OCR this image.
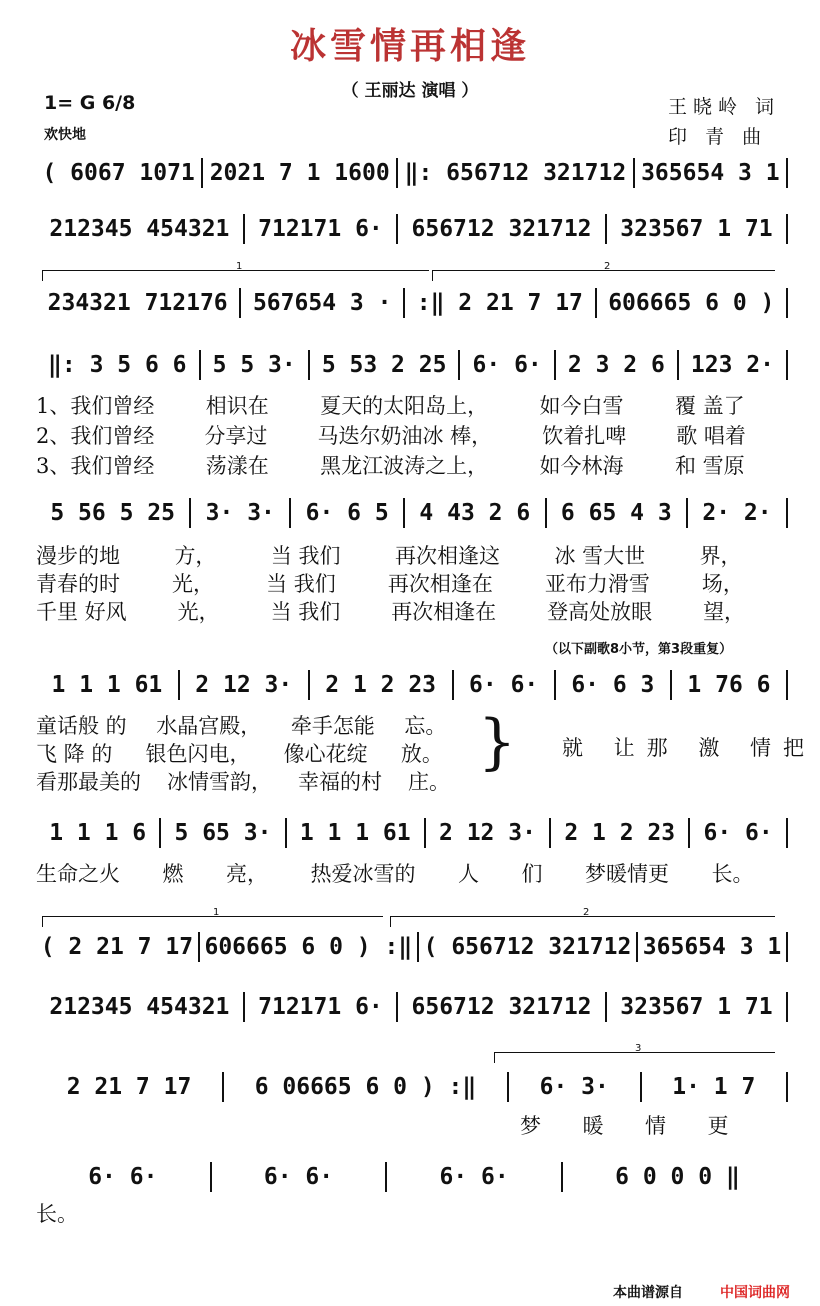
冰雪情再相逢
（ 王丽达 演唱 ）
1= G 6/8
欢快地
王晓岭 词
印 青 曲
( 6067 1071 2021 7 1 1600 ‖: 656712 321712 365654 3 1
212345 454321	712171 6·	656712 321712	323567 1 71
1	2
234321 712176	567654 3 ·	:‖ 2 21 7 17	606665 6 0 )
‖: 3 5 6 6	5 5 3·	5 53 2 25	6· 6·	2 3 2 6	123 2·
1、我们曾经	相识在	夏天的太阳岛上，	如今白雪	覆 盖了
2、我们曾经	分享过	马迭尔奶油冰 棒，	饮着扎啤	歌 唱着
3、我们曾经	荡漾在	黑龙江波涛之上，	如今林海	和 雪原
5 56 5 25	3· 3·	6· 6 5	4 43 2 6	6 65 4 3	2· 2·
漫步的地	方，	当 我们	再次相逢这	冰 雪大世	界，
青春的时	光，	当 我们	再次相逢在	亚布力滑雪	场，
千里 好风	光，	当 我们	再次相逢在	登高处放眼	望，
（以下副歌8小节，第3段重复）
1 1 1 61	2 12 3·	2 1 2 23	6· 6·	6· 6 3	1 76 6
童话般 的	水晶宫殿，	牵手怎能	忘。
飞 降 的	银色闪电，	像心花绽	放。
看那最美的	冰情雪韵，	幸福的村	庄。
} 就 让那 激 情把
1 1 1 6	5 65 3·	1 1 1 61	2 12 3·	2 1 2 23	6· 6·
生命之火	燃	亮，	热爱冰雪的	人	们	梦暖情更	长。
1	2
( 2 21 7 17 606665 6 0 ) :‖ ( 656712 321712 365654 3 1
212345 454321	712171 6·	656712 321712	323567 1 71
3
2 21 7 17	6 06665 6 0 ) :‖	6· 3·	1· 1 7
梦	暖	情	更
6· 6·	6· 6·	6· 6·	6 0 0 0 ‖
长。
本曲谱源自	中国词曲网
